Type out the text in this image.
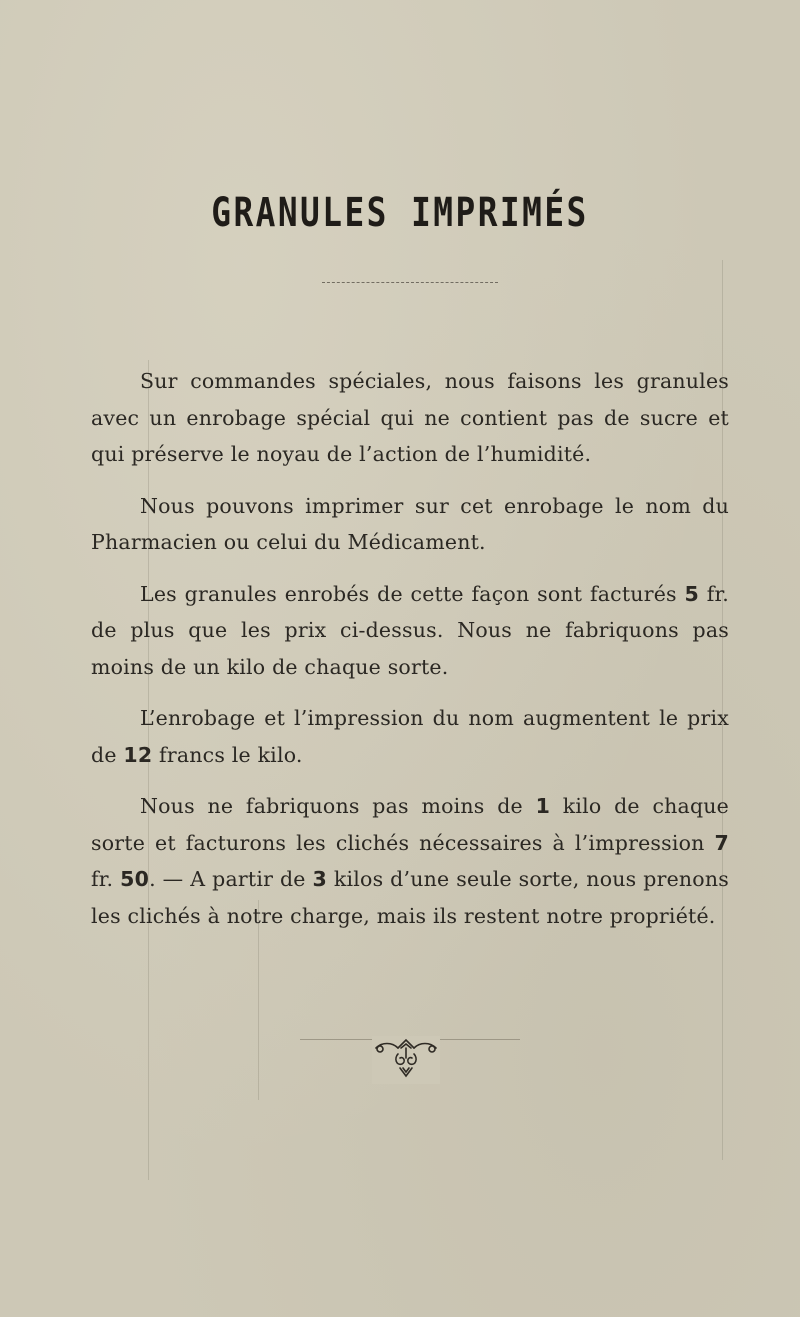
GRANULES IMPRIMÉS

Sur commandes spéciales, nous faisons les granules avec un enrobage spécial qui ne contient pas de sucre et qui préserve le noyau de l’action de l’humidité.

Nous pouvons imprimer sur cet enrobage le nom du Pharmacien ou celui du Médicament.

Les granules enrobés de cette façon sont facturés 5 fr. de plus que les prix ci-dessus. Nous ne fabriquons pas moins de un kilo de chaque sorte.

L’enrobage et l’impression du nom augmentent le prix de 12 francs le kilo.

Nous ne fabriquons pas moins de 1 kilo de chaque sorte et facturons les clichés nécessaires à l’impression 7 fr. 50. — A partir de 3 kilos d’une seule sorte, nous prenons les clichés à notre charge, mais ils restent notre propriété.
